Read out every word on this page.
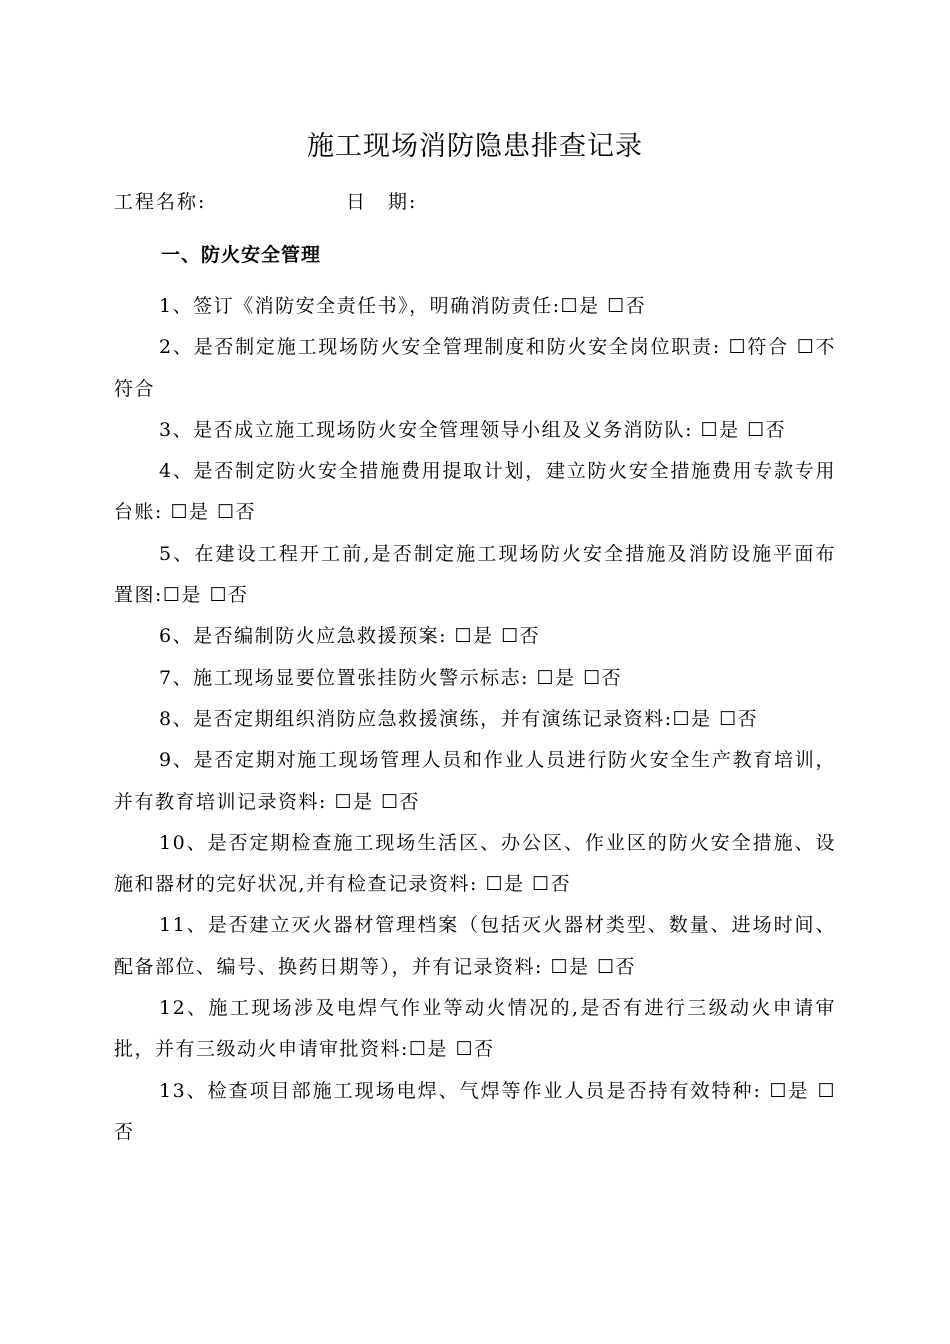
施工现场消防隐患排查记录
工程名称:	日　期:
一、防火安全管理

1、签订《消防安全责任书》，明确消防责任:☐是 ☐否

2、是否制定施工现场防火安全管理制度和防火安全岗位职责: ☐符合 ☐不符合

3、是否成立施工现场防火安全管理领导小组及义务消防队: ☐是 ☐否

4、是否制定防火安全措施费用提取计划，建立防火安全措施费用专款专用台账: ☐是 ☐否

5、在建设工程开工前,是否制定施工现场防火安全措施及消防设施平面布置图:☐是 ☐否

6、是否编制防火应急救援预案: ☐是 ☐否

7、施工现场显要位置张挂防火警示标志: ☐是 ☐否

8、是否定期组织消防应急救援演练，并有演练记录资料:☐是 ☐否

9、是否定期对施工现场管理人员和作业人员进行防火安全生产教育培训，并有教育培训记录资料: ☐是 ☐否

10、是否定期检查施工现场生活区、办公区、作业区的防火安全措施、设施和器材的完好状况,并有检查记录资料: ☐是 ☐否

11、是否建立灭火器材管理档案（包括灭火器材类型、数量、进场时间、配备部位、编号、换药日期等），并有记录资料: ☐是 ☐否

12、施工现场涉及电焊气作业等动火情况的,是否有进行三级动火申请审批，并有三级动火申请审批资料:☐是 ☐否

13、检查项目部施工现场电焊、气焊等作业人员是否持有效特种: ☐是 ☐否
